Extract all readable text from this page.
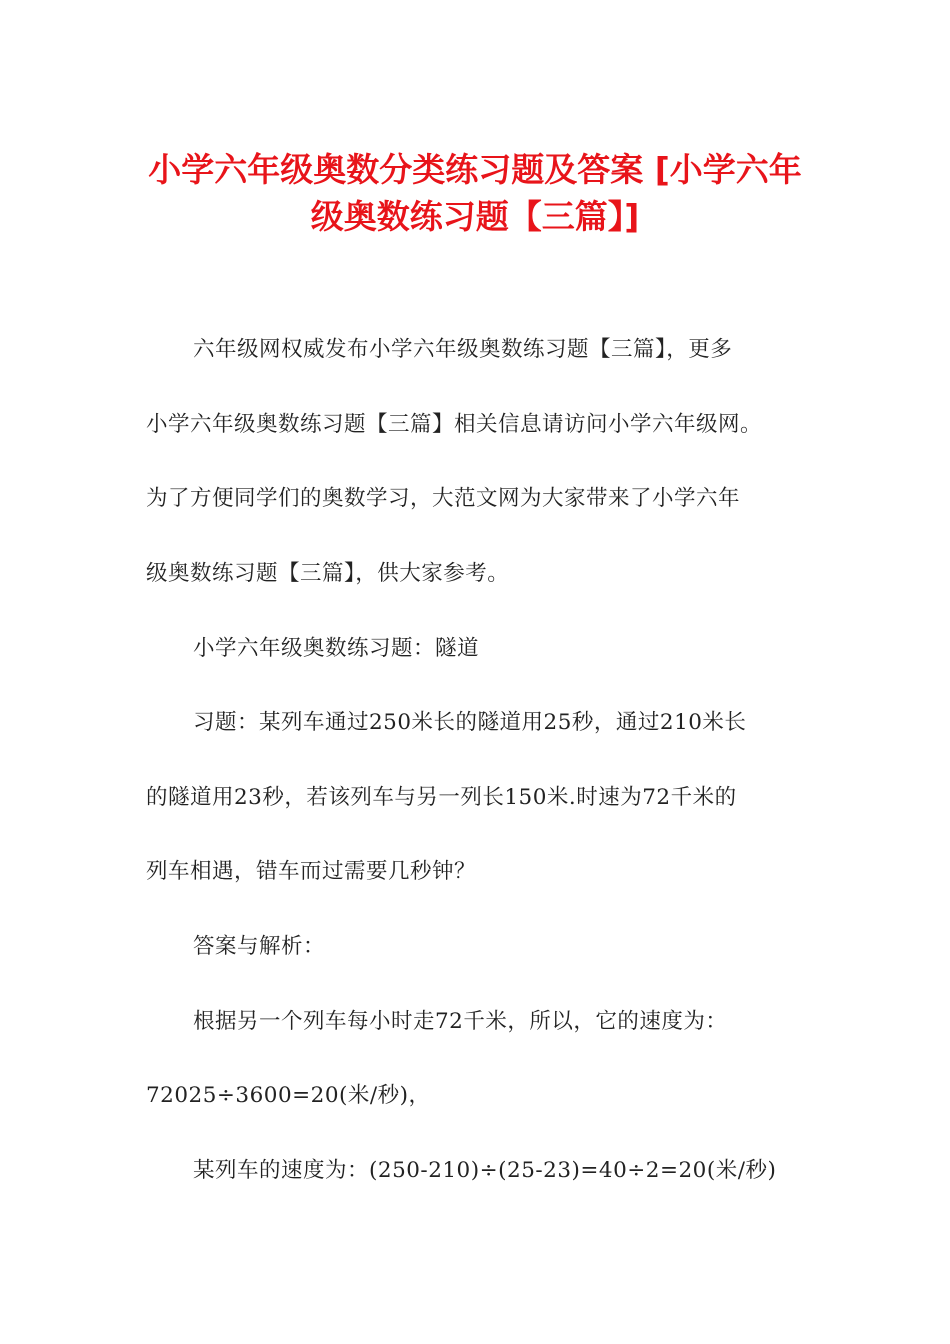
小学六年级奥数分类练习题及答案 [小学六年
级奥数练习题【三篇】]
六年级网权威发布小学六年级奥数练习题【三篇】，更多
小学六年级奥数练习题【三篇】相关信息请访问小学六年级网。
为了方便同学们的奥数学习，大范文网为大家带来了小学六年
级奥数练习题【三篇】，供大家参考。
小学六年级奥数练习题：隧道
习题：某列车通过250米长的隧道用25秒，通过210米长
的隧道用23秒，若该列车与另一列长150米.时速为72千米的
列车相遇，错车而过需要几秒钟？
答案与解析：
根据另一个列车每小时走72千米，所以，它的速度为：
72025÷3600=20(米/秒)，
某列车的速度为：(250-210)÷(25-23)=40÷2=20(米/秒)
